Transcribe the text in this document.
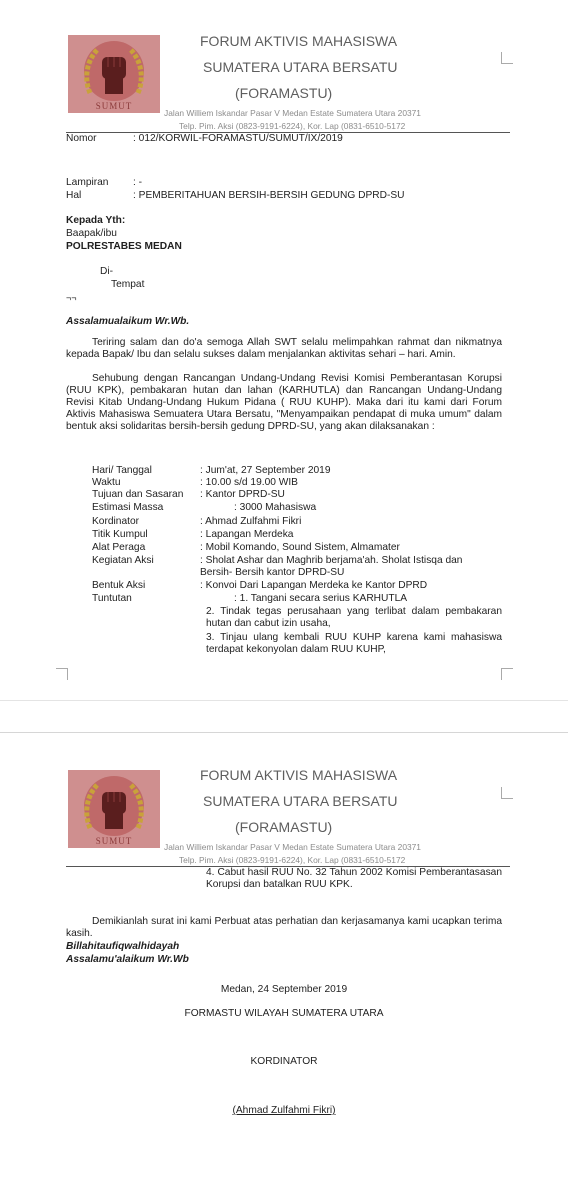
SUMUT
FORUM AKTIVIS MAHASISWA
SUMATERA UTARA BERSATU
(FORAMASTU)
Jalan Williem Iskandar Pasar V Medan Estate Sumatera Utara 20371
Telp. Pim. Aksi (0823-9191-6224), Kor. Lap (0831-6510-5172
Nomor	: 012/KORWIL-FORAMASTU/SUMUT/IX/2019
Lampiran : -
Hal	: PEMBERITAHUAN BERSIH-BERSIH GEDUNG DPRD-SU
Kepada Yth:
Baapak/ibu
POLRESTABES MEDAN
Di-
Tempat
¬¬
Assalamualaikum Wr.Wb.
Teriring salam dan do'a semoga Allah SWT selalu melimpahkan rahmat dan nikmatnya kepada Bapak/ Ibu dan selalu sukses dalam menjalankan aktivitas sehari – hari. Amin.
Sehubung dengan Rancangan Undang-Undang Revisi Komisi Pemberantasan Korupsi (RUU KPK), pembakaran hutan dan lahan (KARHUTLA) dan Rancangan Undang-Undang Revisi Kitab Undang-Undang Hukum Pidana ( RUU KUHP). Maka dari itu kami dari Forum Aktivis Mahasiswa Semuatera Utara Bersatu, "Menyampaikan pendapat di muka umum" dalam bentuk aksi solidaritas bersih-bersih gedung DPRD-SU, yang akan dilaksanakan :
Hari/ Tanggal	: Jum'at, 27 September 2019
Waktu	: 10.00 s/d 19.00 WIB
Tujuan dan Sasaran : Kantor DPRD-SU
Estimasi Massa	: 3000 Mahasiswa
Kordinator	: Ahmad Zulfahmi Fikri
Titik Kumpul	: Lapangan Merdeka
Alat Peraga	: Mobil Komando, Sound Sistem, Almamater
Kegiatan Aksi	: Sholat Ashar dan Maghrib berjama'ah. Sholat Istisqa dan Bersih- Bersih kantor DPRD-SU
Bentuk Aksi	: Konvoi Dari Lapangan Merdeka ke Kantor DPRD
Tuntutan	: 1. Tangani secara serius KARHUTLA
2. Tindak tegas perusahaan yang terlibat dalam pembakaran hutan dan cabut izin usaha,
3. Tinjau ulang kembali RUU KUHP karena kami mahasiswa terdapat kekonyolan dalam RUU KUHP,
SUMUT
FORUM AKTIVIS MAHASISWA
SUMATERA UTARA BERSATU
(FORAMASTU)
Jalan Williem Iskandar Pasar V Medan Estate Sumatera Utara 20371
Telp. Pim. Aksi (0823-9191-6224), Kor. Lap (0831-6510-5172
4. Cabut hasil RUU No. 32 Tahun 2002 Komisi Pemberantasasan Korupsi dan batalkan RUU KPK.
Demikianlah surat ini kami Perbuat atas perhatian dan kerjasamanya kami ucapkan terima kasih.
Billahitaufiqwalhidayah
Assalamu'alaikum Wr.Wb
Medan, 24 September 2019
FORMASTU WILAYAH SUMATERA UTARA
KORDINATOR
(Ahmad Zulfahmi Fikri)
